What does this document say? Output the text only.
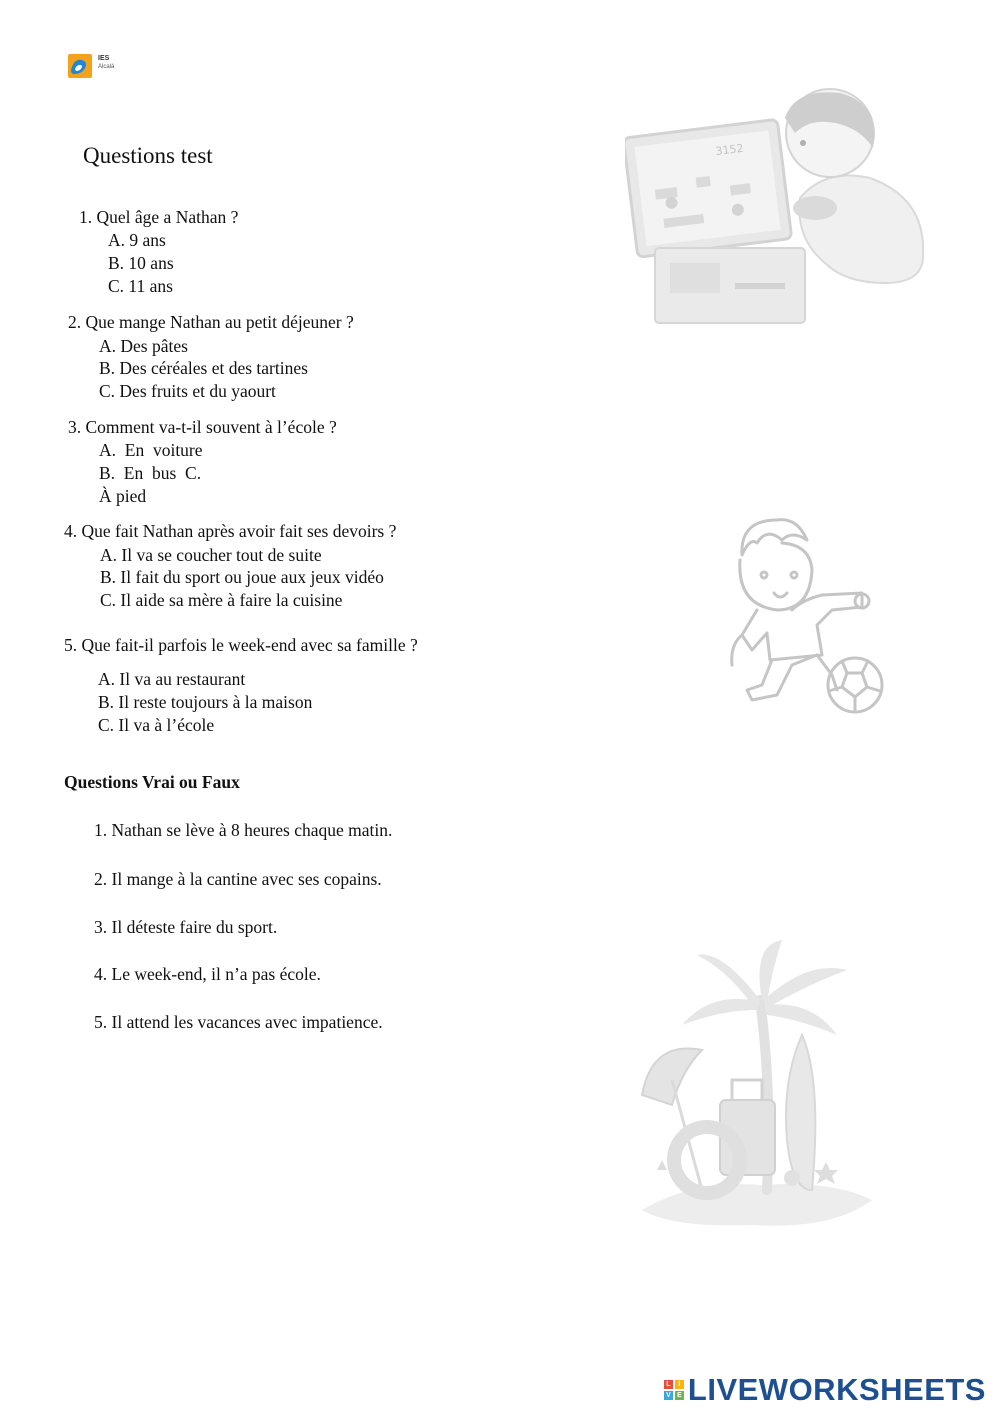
IES
Alcalá
Questions test
1. Quel âge a Nathan ?
A. 9 ans
B. 10 ans
C. 11 ans
2. Que mange Nathan au petit déjeuner ?
A. Des pâtes
B. Des céréales et des tartines
C. Des fruits et du yaourt
3. Comment va-t-il souvent à l’école ?
A.  En  voiture
B.  En  bus  C.
À pied
4. Que fait Nathan après avoir fait ses devoirs ?
A. Il va se coucher tout de suite
B. Il fait du sport ou joue aux jeux vidéo
C. Il aide sa mère à faire la cuisine
5. Que fait-il parfois le week-end avec sa famille ?
A. Il va au restaurant
B. Il reste toujours à la maison
C. Il va à l’école
Questions Vrai ou Faux
1. Nathan se lève à 8 heures chaque matin.
2. Il mange à la cantine avec ses copains.
3. Il déteste faire du sport.
4. Le week-end, il n’a pas école.
5. Il attend les vacances avec impatience.
3152
L	I
V E LIVEWORKSHEETS
